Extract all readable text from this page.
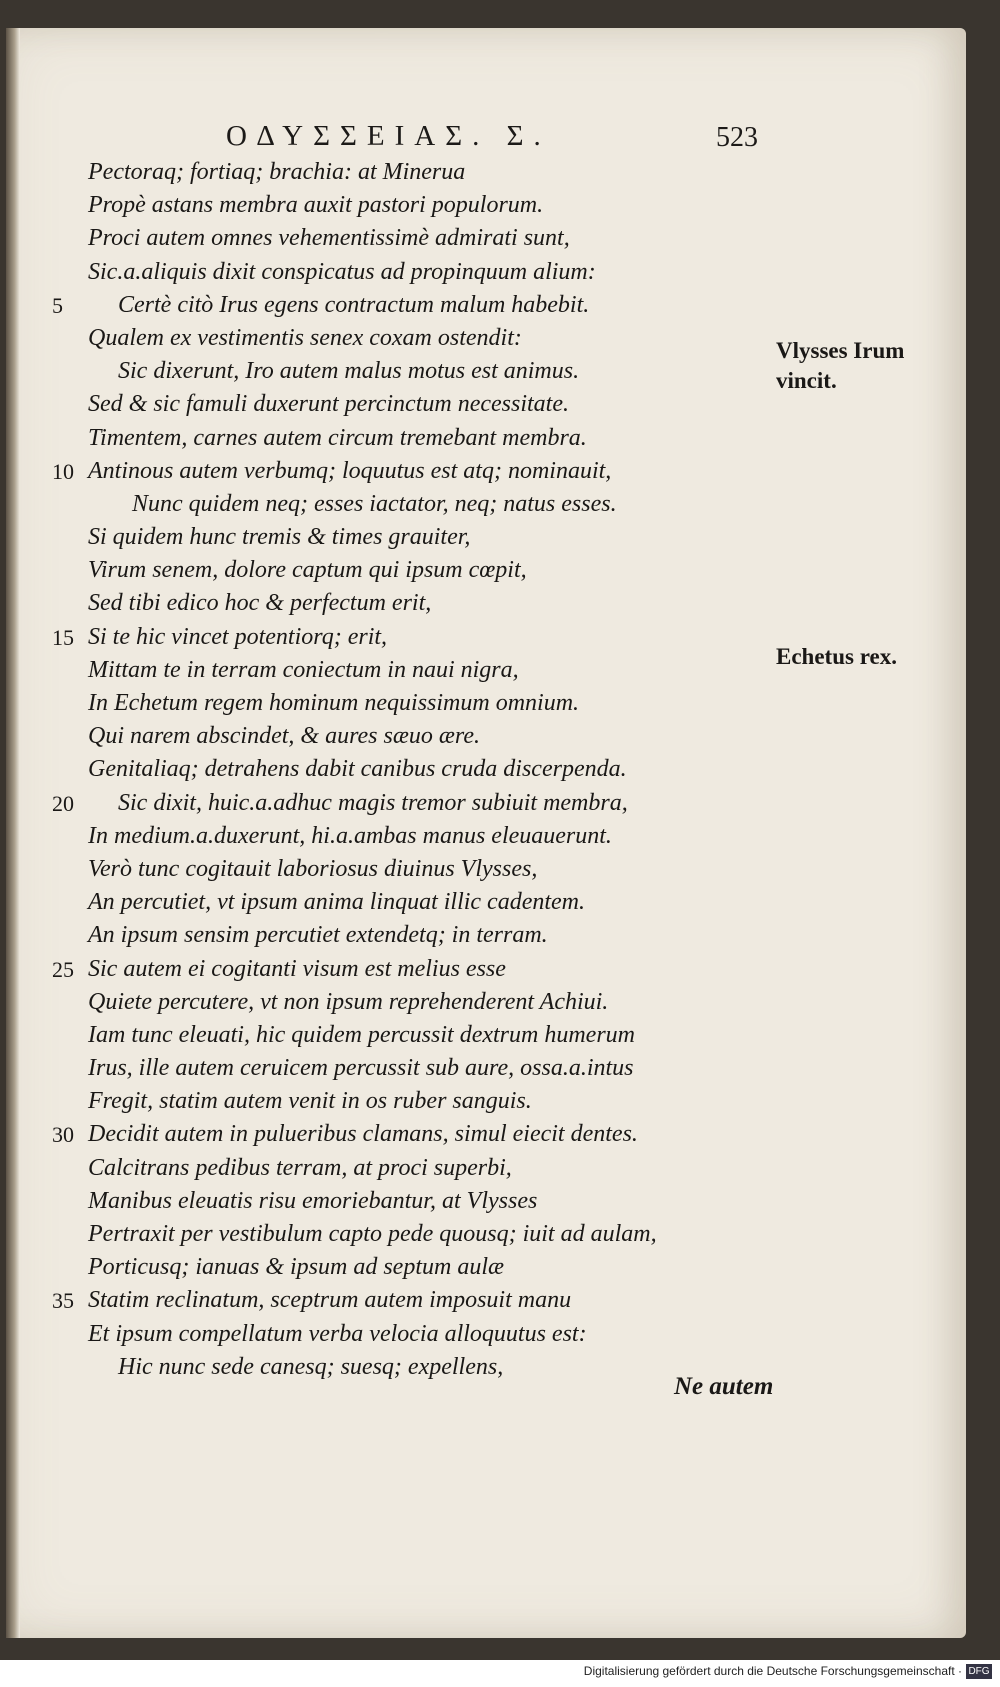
ΟΔΥΣΣΕΙΑΣ. Σ.	523
Pectoraq; fortiaq; brachia: at Minerua
Propè astans membra auxit pastori populorum.
Proci autem omnes vehementissimè admirati sunt,
Sic.a.aliquis dixit conspicatus ad propinquum alium:
5 Certè citò Irus egens contractum malum habebit.
Qualem ex vestimentis senex coxam ostendit:
Sic dixerunt, Iro autem malus motus est animus.
Sed & sic famuli duxerunt percinctum necessitate.
Timentem, carnes autem circum tremebant membra.
10 Antinous autem verbumq; loquutus est atq; nominauit,
Nunc quidem neq; esses iactator, neq; natus esses.
Si quidem hunc tremis & times grauiter,
Virum senem, dolore captum qui ipsum cœpit,
Sed tibi edico hoc & perfectum erit,
15 Si te hic vincet potentiorq; erit,
Mittam te in terram coniectum in naui nigra,
In Echetum regem hominum nequissimum omnium.
Qui narem abscindet, & aures sæuo ære.
Genitaliaq; detrahens dabit canibus cruda discerpenda.
20 Sic dixit, huic.a.adhuc magis tremor subiuit membra,
In medium.a.duxerunt, hi.a.ambas manus eleuauerunt.
Verò tunc cogitauit laboriosus diuinus Vlysses,
An percutiet, vt ipsum anima linquat illic cadentem.
An ipsum sensim percutiet extendetq; in terram.
25 Sic autem ei cogitanti visum est melius esse
Quiete percutere, vt non ipsum reprehenderent Achiui.
Iam tunc eleuati, hic quidem percussit dextrum humerum
Irus, ille autem ceruicem percussit sub aure, ossa.a.intus
Fregit, statim autem venit in os ruber sanguis.
30 Decidit autem in pulueribus clamans, simul eiecit dentes.
Calcitrans pedibus terram, at proci superbi,
Manibus eleuatis risu emoriebantur, at Vlysses
Pertraxit per vestibulum capto pede quousq; iuit ad aulam,
Porticusq; ianuas & ipsum ad septum aulæ
35 Statim reclinatum, sceptrum autem imposuit manu
Et ipsum compellatum verba velocia alloquutus est:
Hic nunc sede canesq; suesq; expellens,
Vlysses Irum
vincit.
Echetus rex.
Ne autem
Digitalisierung gefördert durch die Deutsche Forschungsgemeinschaft · DFG
